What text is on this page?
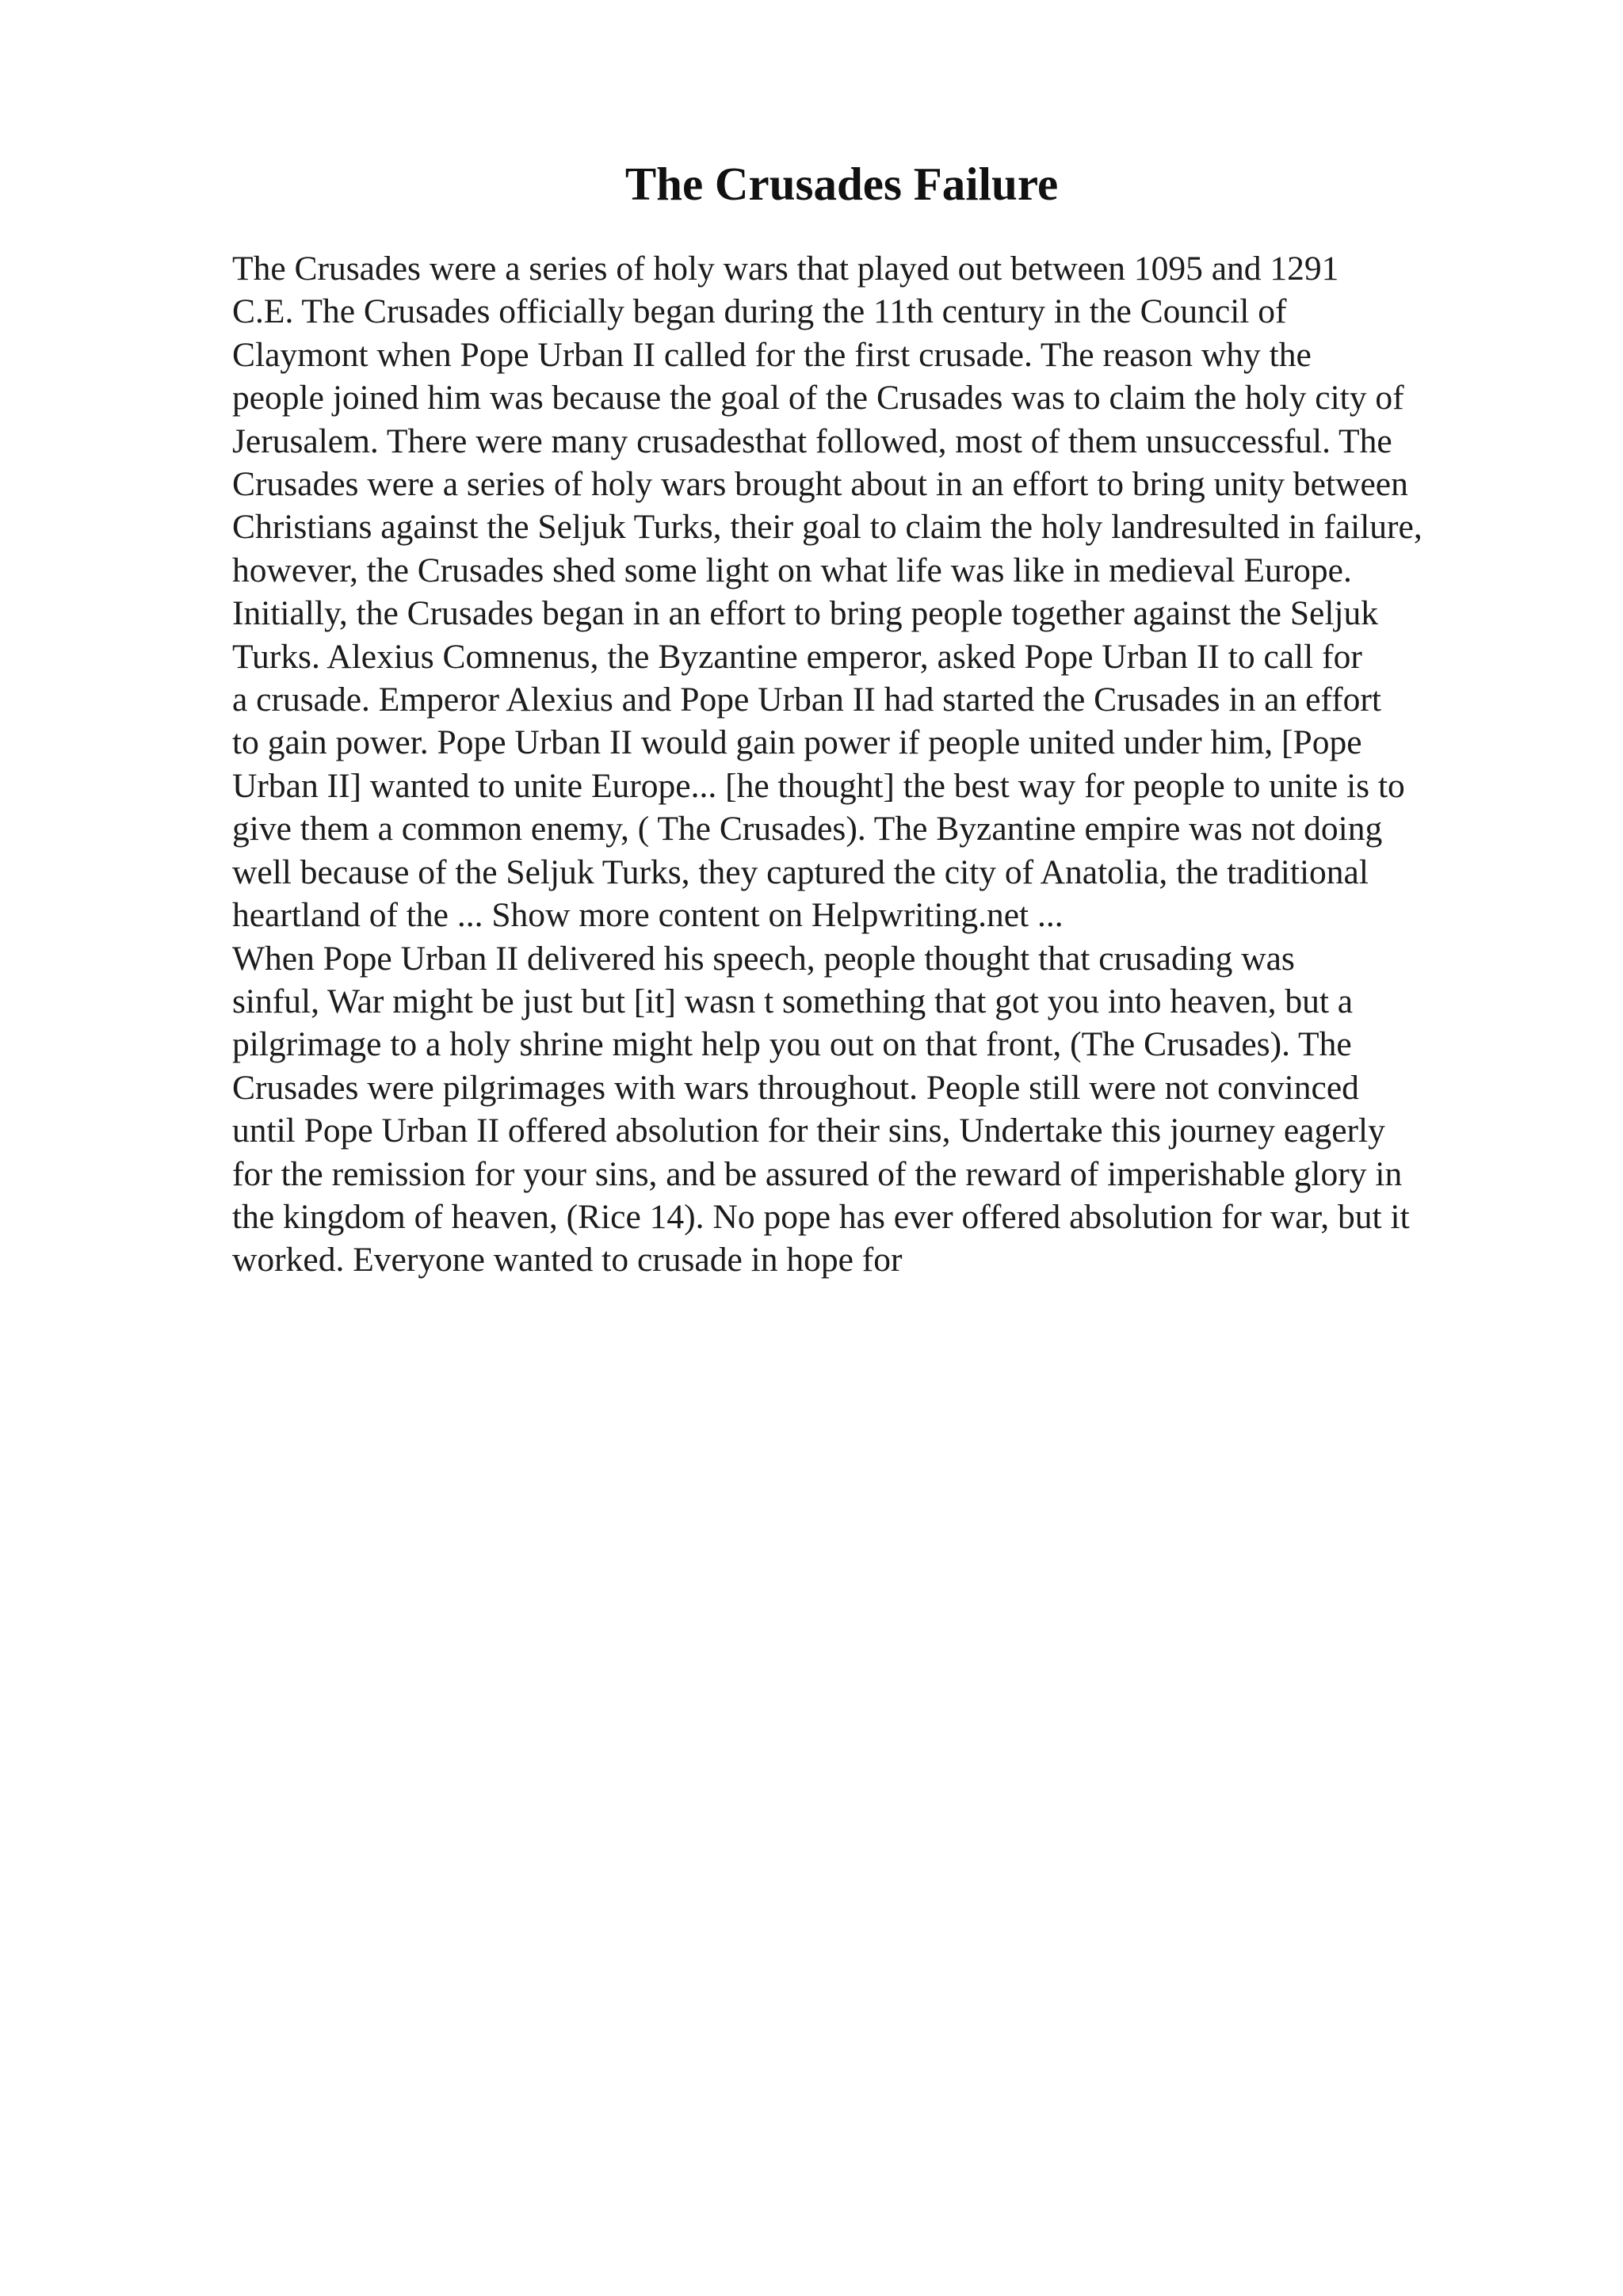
The Crusades Failure
The Crusades were a series of holy wars that played out between 1095 and 1291
C.E. The Crusades officially began during the 11th century in the Council of
Claymont when Pope Urban II called for the first crusade. The reason why the
people joined him was because the goal of the Crusades was to claim the holy city of
Jerusalem. There were many crusadesthat followed, most of them unsuccessful. The
Crusades were a series of holy wars brought about in an effort to bring unity between
Christians against the Seljuk Turks, their goal to claim the holy landresulted in failure,
however, the Crusades shed some light on what life was like in medieval Europe.
Initially, the Crusades began in an effort to bring people together against the Seljuk
Turks. Alexius Comnenus, the Byzantine emperor, asked Pope Urban II to call for
a crusade. Emperor Alexius and Pope Urban II had started the Crusades in an effort
to gain power. Pope Urban II would gain power if people united under him, [Pope
Urban II] wanted to unite Europe... [he thought] the best way for people to unite is to
give them a common enemy, ( The Crusades). The Byzantine empire was not doing
well because of the Seljuk Turks, they captured the city of Anatolia, the traditional
heartland of the ... Show more content on Helpwriting.net ...
When Pope Urban II delivered his speech, people thought that crusading was
sinful, War might be just but [it] wasn t something that got you into heaven, but a
pilgrimage to a holy shrine might help you out on that front, (The Crusades). The
Crusades were pilgrimages with wars throughout. People still were not convinced
until Pope Urban II offered absolution for their sins, Undertake this journey eagerly
for the remission for your sins, and be assured of the reward of imperishable glory in
the kingdom of heaven, (Rice 14). No pope has ever offered absolution for war, but it
worked. Everyone wanted to crusade in hope for
